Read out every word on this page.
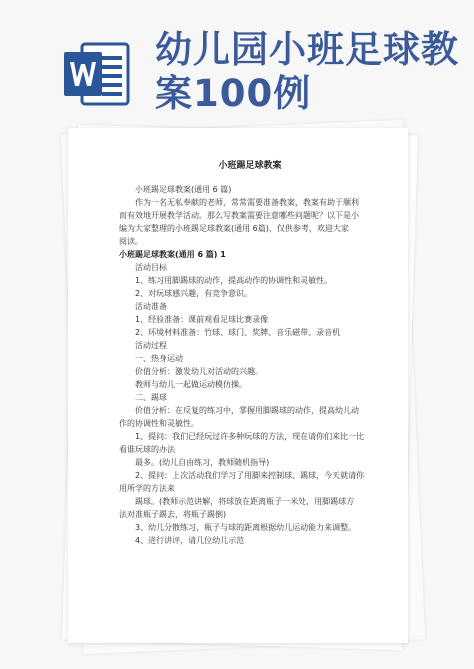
幼儿园小班足球教
案100例
小班踢足球教案
小班踢足球教案(通用 6 篇)
作为一名无私奉献的老师，常常需要准备教案，教案有助于顺利
而有效地开展教学活动。那么写教案需要注意哪些问题呢？以下是小
编为大家整理的小班踢足球教案(通用 6篇)，仅供参考，欢迎大家
阅读。
小班踢足球教案(通用 6 篇) 1
活动目标
1、练习用脚踢球的动作，提高动作的协调性和灵敏性。
2、对玩球感兴趣，有竞争意识。
活动准备
1、经验准备：课前观看足球比赛录像
2、环境材料准备：竹球、球门、奖牌、音乐磁带、录音机
活动过程
一、热身运动
价值分析：激发幼儿对活动的兴趣。
教师与幼儿一起做运动模仿操。
二、踢球
价值分析：在反复的练习中，掌握用脚踢球的动作，提高幼儿动
作的协调性和灵敏性。
1、提问：我们已经玩过许多种玩球的方法，现在请你们来比一比
看谁玩球的办法
最多。(幼儿自由练习，教师随机指导)
2、提问：上次活动我们学习了用脚来控制球、踢球，今天就请你
用所学的方法来
踢球。(教师示范讲解，将球放在距离瓶子一米处，用脚踢球方
法对准瓶子踢去，将瓶子踢倒)
3、幼儿分散练习，瓶子与球的距离根据幼儿运动能力来调整。
4、进行讲评，请几位幼儿示范
